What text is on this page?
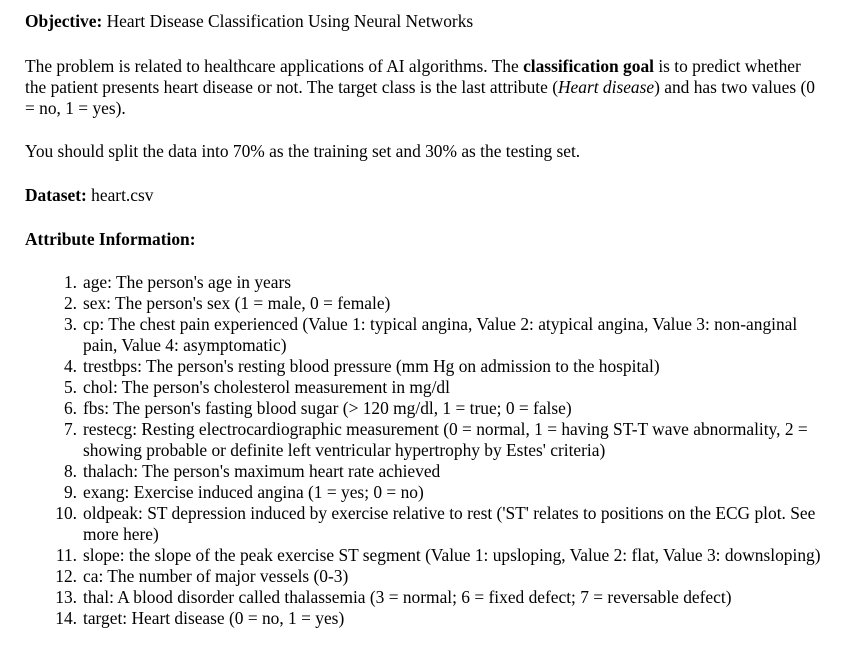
Objective: Heart Disease Classification Using Neural Networks

The problem is related to healthcare applications of AI algorithms. The classification goal is to predict whether the patient presents heart disease or not. The target class is the last attribute (Heart disease) and has two values (0 = no, 1 = yes).

You should split the data into 70% as the training set and 30% as the testing set.

Dataset: heart.csv

Attribute Information:

1. age: The person's age in years
2. sex: The person's sex (1 = male, 0 = female)
3. cp: The chest pain experienced (Value 1: typical angina, Value 2: atypical angina, Value 3: non-anginal pain, Value 4: asymptomatic)
4. trestbps: The person's resting blood pressure (mm Hg on admission to the hospital)
5. chol: The person's cholesterol measurement in mg/dl
6. fbs: The person's fasting blood sugar (> 120 mg/dl, 1 = true; 0 = false)
7. restecg: Resting electrocardiographic measurement (0 = normal, 1 = having ST-T wave abnormality, 2 = showing probable or definite left ventricular hypertrophy by Estes' criteria)
8. thalach: The person's maximum heart rate achieved
9. exang: Exercise induced angina (1 = yes; 0 = no)
10. oldpeak: ST depression induced by exercise relative to rest ('ST' relates to positions on the ECG plot. See more here)
11. slope: the slope of the peak exercise ST segment (Value 1: upsloping, Value 2: flat, Value 3: downsloping)
12. ca: The number of major vessels (0-3)
13. thal: A blood disorder called thalassemia (3 = normal; 6 = fixed defect; 7 = reversable defect)
14. target: Heart disease (0 = no, 1 = yes)
